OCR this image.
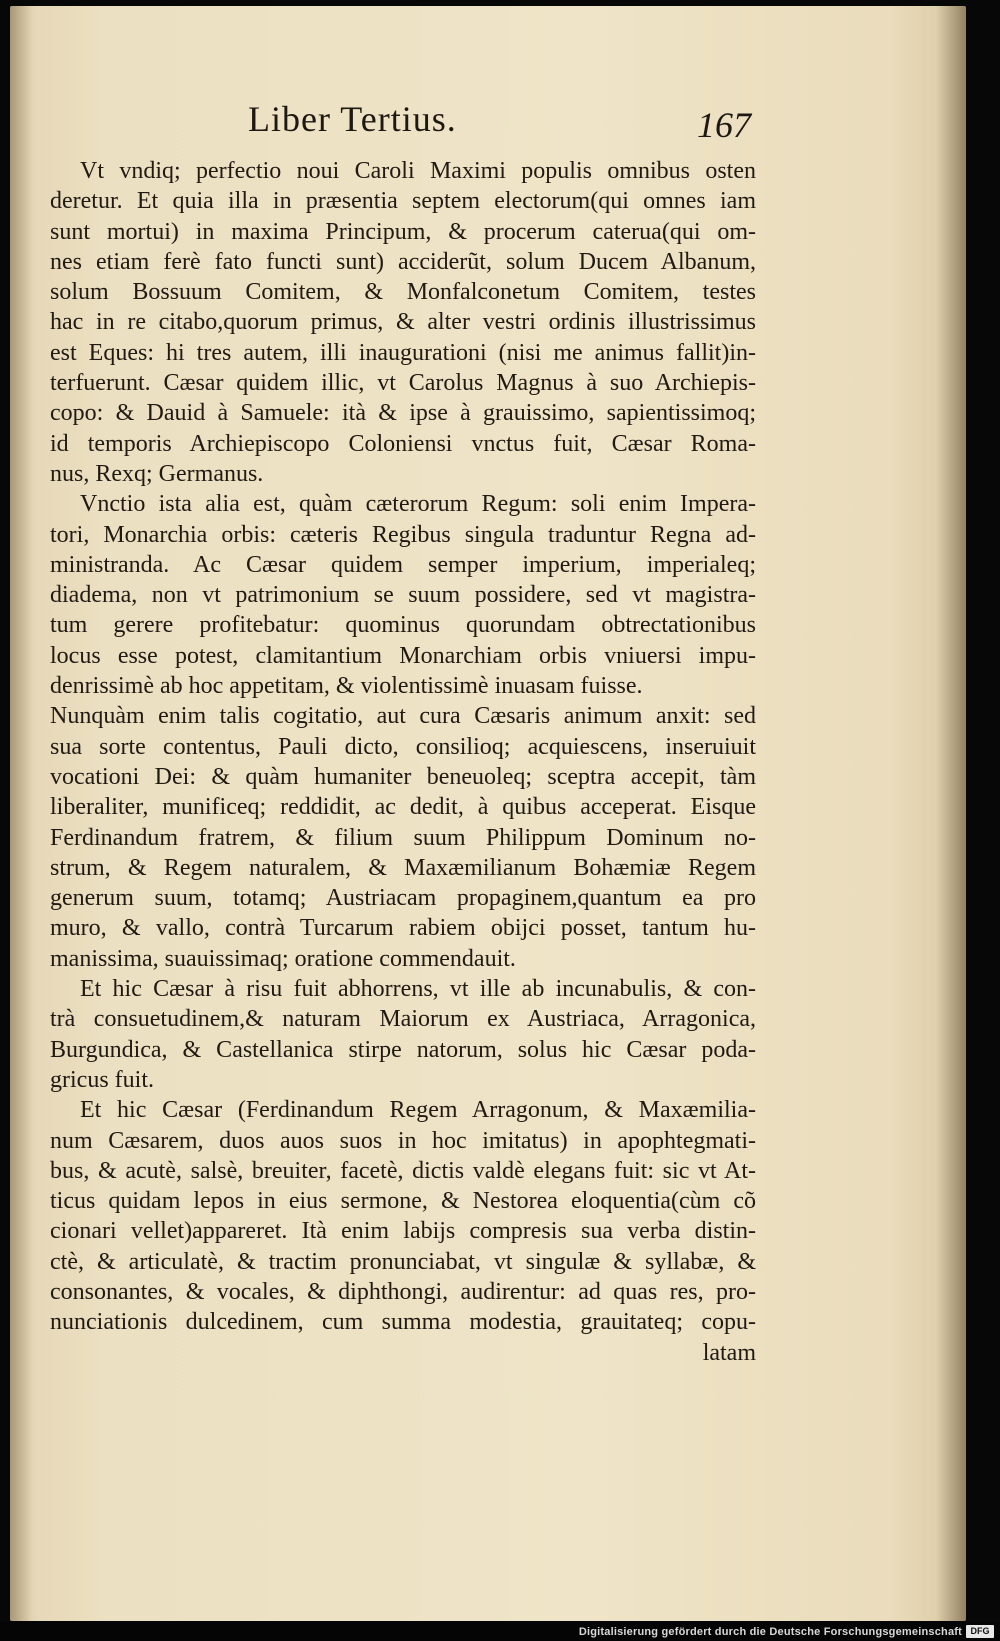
Liber Tertius.	167
Vt vndiq; perfectio noui Caroli Maximi populis omnibus osten
deretur. Et quia illa in præsentia septem electorum(qui omnes iam
sunt mortui) in maxima Principum, & procerum caterua(qui om-
nes etiam ferè fato functi sunt) acciderũt, solum Ducem Albanum,
solum Bossuum Comitem, & Monfalconetum Comitem, testes
hac in re citabo,quorum primus, & alter vestri ordinis illustrissimus
est Eques: hi tres autem, illi inaugurationi (nisi me animus fallit)in-
terfuerunt. Cæsar quidem illic, vt Carolus Magnus à suo Archiepis-
copo: & Dauid à Samuele: ità & ipse à grauissimo, sapientissimoq;
id temporis Archiepiscopo Coloniensi vnctus fuit, Cæsar Roma-
nus, Rexq; Germanus.
Vnctio ista alia est, quàm cæterorum Regum: soli enim Impera-
tori, Monarchia orbis: cæteris Regibus singula traduntur Regna ad-
ministranda. Ac Cæsar quidem semper imperium, imperialeq;
diadema, non vt patrimonium se suum possidere, sed vt magistra-
tum gerere profitebatur: quominus quorundam obtrectationibus
locus esse potest, clamitantium Monarchiam orbis vniuersi impu-
denrissimè ab hoc appetitam, & violentissimè inuasam fuisse.
Nunquàm enim talis cogitatio, aut cura Cæsaris animum anxit: sed
sua sorte contentus, Pauli dicto, consilioq; acquiescens, inseruiuit
vocationi Dei: & quàm humaniter beneuoleq; sceptra accepit, tàm
liberaliter, munificeq; reddidit, ac dedit, à quibus acceperat. Eisque
Ferdinandum fratrem, & filium suum Philippum Dominum no-
strum, & Regem naturalem, & Maxæmilianum Bohæmiæ Regem
generum suum, totamq; Austriacam propaginem,quantum ea pro
muro, & vallo, contrà Turcarum rabiem obijci posset, tantum hu-
manissima, suauissimaq; oratione commendauit.
Et hic Cæsar à risu fuit abhorrens, vt ille ab incunabulis, & con-
trà consuetudinem,& naturam Maiorum ex Austriaca, Arragonica,
Burgundica, & Castellanica stirpe natorum, solus hic Cæsar poda-
gricus fuit.
Et hic Cæsar (Ferdinandum Regem Arragonum, & Maxæmilia-
num Cæsarem, duos auos suos in hoc imitatus) in apophtegmati-
bus, & acutè, salsè, breuiter, facetè, dictis valdè elegans fuit: sic vt At-
ticus quidam lepos in eius sermone, & Nestorea eloquentia(cùm cõ
cionari vellet)appareret. Ità enim labijs compresis sua verba distin-
ctè, & articulatè, & tractim pronunciabat, vt singulæ & syllabæ, &
consonantes, & vocales, & diphthongi, audirentur: ad quas res, pro-
nunciationis dulcedinem, cum summa modestia, grauitateq; copu-
latam
Digitalisierung gefördert durch die Deutsche Forschungsgemeinschaft DFG
